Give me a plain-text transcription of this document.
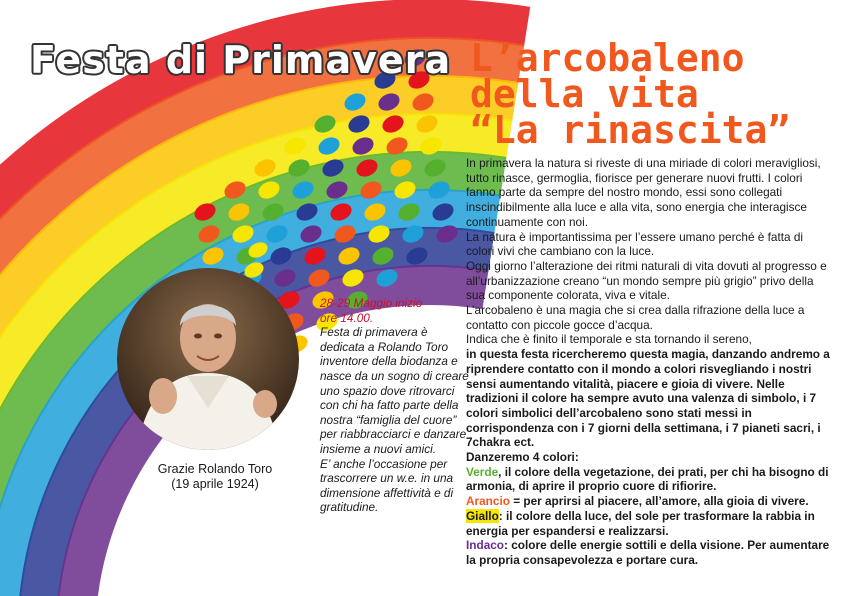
Festa di Primavera L’arcobaleno
della vita
“La rinascita”

In primavera la natura si riveste di una miriade di colori meravigliosi, tutto rinasce, germoglia, fiorisce per generare nuovi frutti. I colori fanno parte da sempre del nostro mondo, essi sono collegati inscindibilmente alla luce e alla vita, sono energia che interagisce continuamente con noi.

La natura è importantissima per l’essere umano perché è fatta di colori vivi che cambiano con la luce.

Oggi giorno l’alterazione dei ritmi naturali di vita dovuti al progresso e all’urbanizzazione creano “un mondo sempre più grigio” privo della sua componente colorata, viva e vitale.

L’arcobaleno è una magia che si crea dalla rifrazione della luce a contatto con piccole gocce d’acqua.

Indica che è finito il temporale e sta tornando il sereno,

in questa festa ricercheremo questa magia, danzando andremo a riprendere contatto con il mondo a colori risvegliando i nostri sensi aumentando vitalità, piacere e gioia di vivere. Nelle tradizioni il colore ha sempre avuto una valenza di simbolo, i 7 colori simbolici dell’arcobaleno sono stati messi in corrispondenza con i 7 giorni della settimana, i 7 pianeti sacri, i 7chakra ect.

Danzeremo 4 colori:

Verde, il colore della vegetazione, dei prati, per chi ha bisogno di armonia, di aprire il proprio cuore di rifiorire.

Arancio = per aprirsi al piacere, all’amore, alla gioia di vivere.

Giallo: il colore della luce, del sole per trasformare la rabbia in energia per espandersi e realizzarsi.

Indaco: colore delle energie sottili e della visione. Per aumentare la propria consapevolezza e portare cura.

Grazie Rolando Toro
(19 aprile 1924)
28-29 Maggio inizio
ore 14.00.
Festa di primavera è dedicata a Rolando Toro inventore della biodanza e nasce da un sogno di creare uno spazio dove ritrovarci con chi ha fatto parte della nostra “famiglia del cuore” per riabbracciarci e danzare insieme a nuovi amici.
E’ anche l’occasione per trascorrere un w.e. in una dimensione affettività e di gratitudine.
